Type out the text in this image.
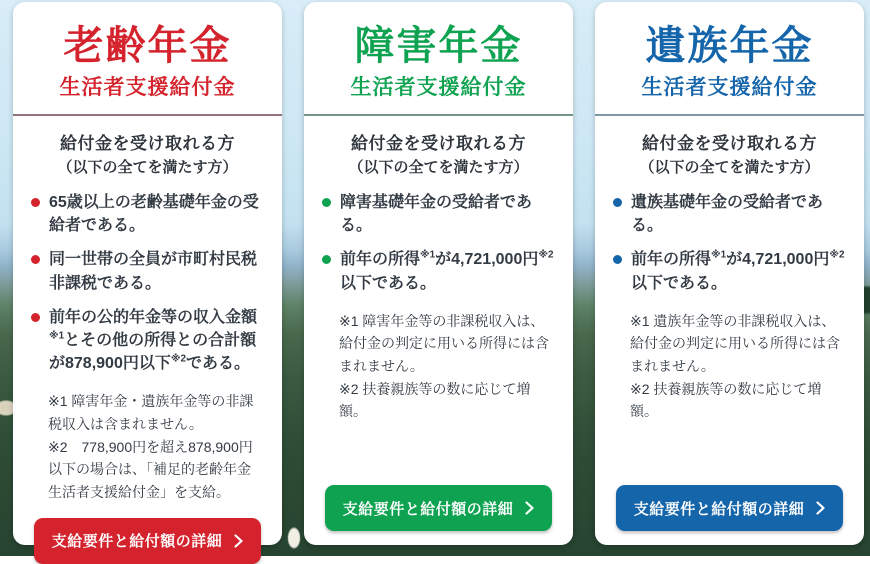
老齢年金

生活者支援給付金

給付金を受け取れる方

（以下の全てを満たす方）

65歳以上の老齢基礎年金の受給者である。
同一世帯の全員が市町村民税非課税である。
前年の公的年金等の収入金額$^{※1}$とその他の所得との合計額が878,900円以下$^{※2}$である。
※1 障害年金・遺族年金等の非課税収入は含まれません。
※2　778,900円を超え878,900円以下の場合は、「補足的老齢年金生活者支援給付金」を支給。
支給要件と給付額の詳細
障害年金

生活者支援給付金

給付金を受け取れる方

（以下の全てを満たす方）

障害基礎年金の受給者である。
前年の所得$^{※1}$が4,721,000円$^{※2}$以下である。
※1 障害年金等の非課税収入は、給付金の判定に用いる所得には含まれません。
※2 扶養親族等の数に応じて増額。
支給要件と給付額の詳細
遺族年金

生活者支援給付金

給付金を受け取れる方

（以下の全てを満たす方）

遺族基礎年金の受給者である。
前年の所得$^{※1}$が4,721,000円$^{※2}$以下である。
※1 遺族年金等の非課税収入は、給付金の判定に用いる所得には含まれません。
※2 扶養親族等の数に応じて増額。
支給要件と給付額の詳細
